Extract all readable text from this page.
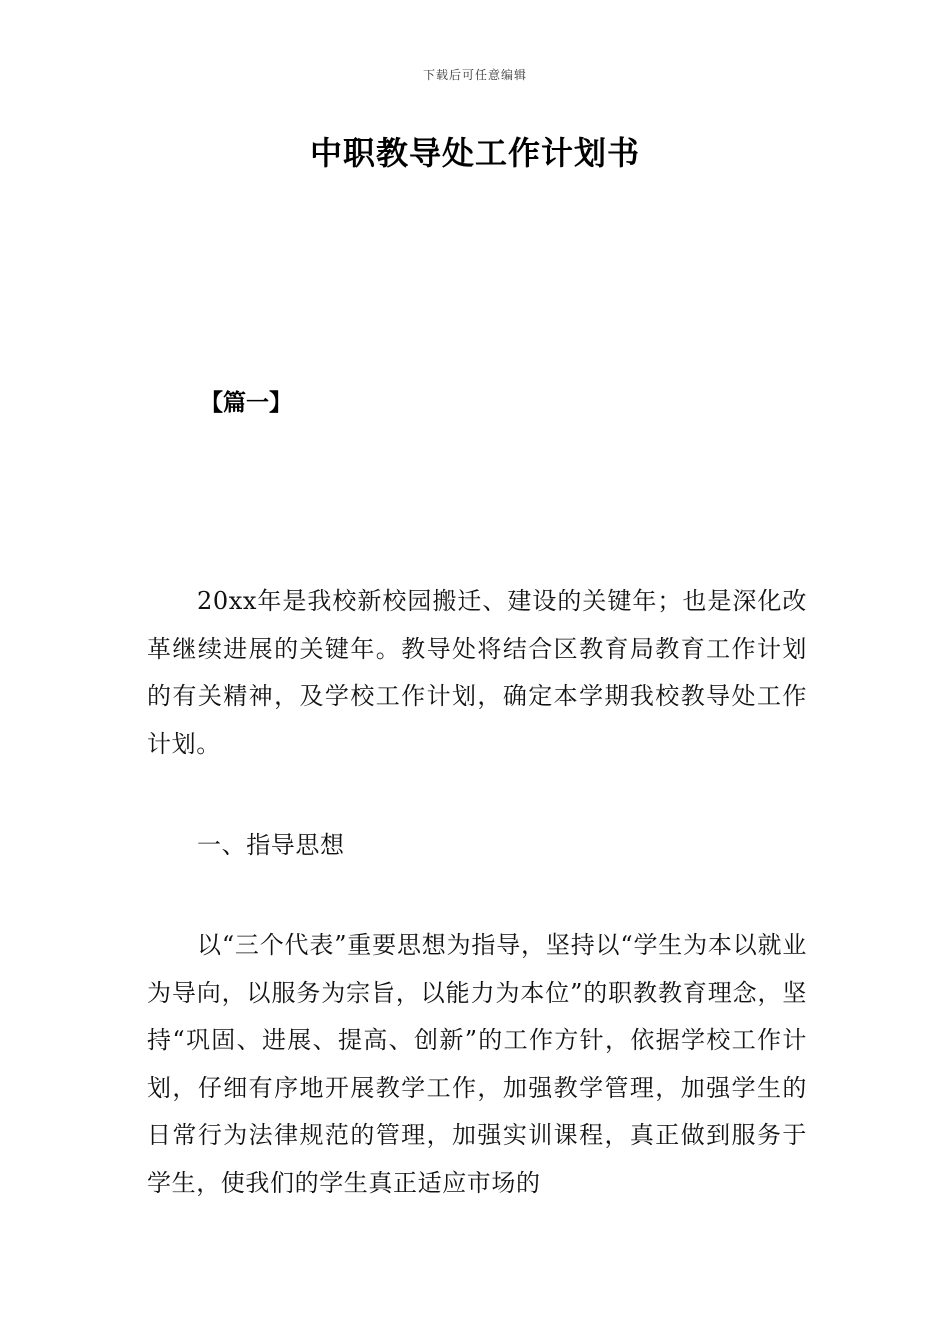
下载后可任意编辑
中职教导处工作计划书
【篇一】

20xx年是我校新校园搬迁、建设的关键年；也是深化改革继续进展的关键年。教导处将结合区教育局教育工作计划的有关精神，及学校工作计划，确定本学期我校教导处工作计划。

一、指导思想

以“三个代表”重要思想为指导，坚持以“学生为本以就业为导向，以服务为宗旨，以能力为本位”的职教教育理念，坚持“巩固、进展、提高、创新”的工作方针，依据学校工作计划，仔细有序地开展教学工作，加强教学管理，加强学生的日常行为法律规范的管理，加强实训课程，真正做到服务于学生，使我们的学生真正适应市场的
